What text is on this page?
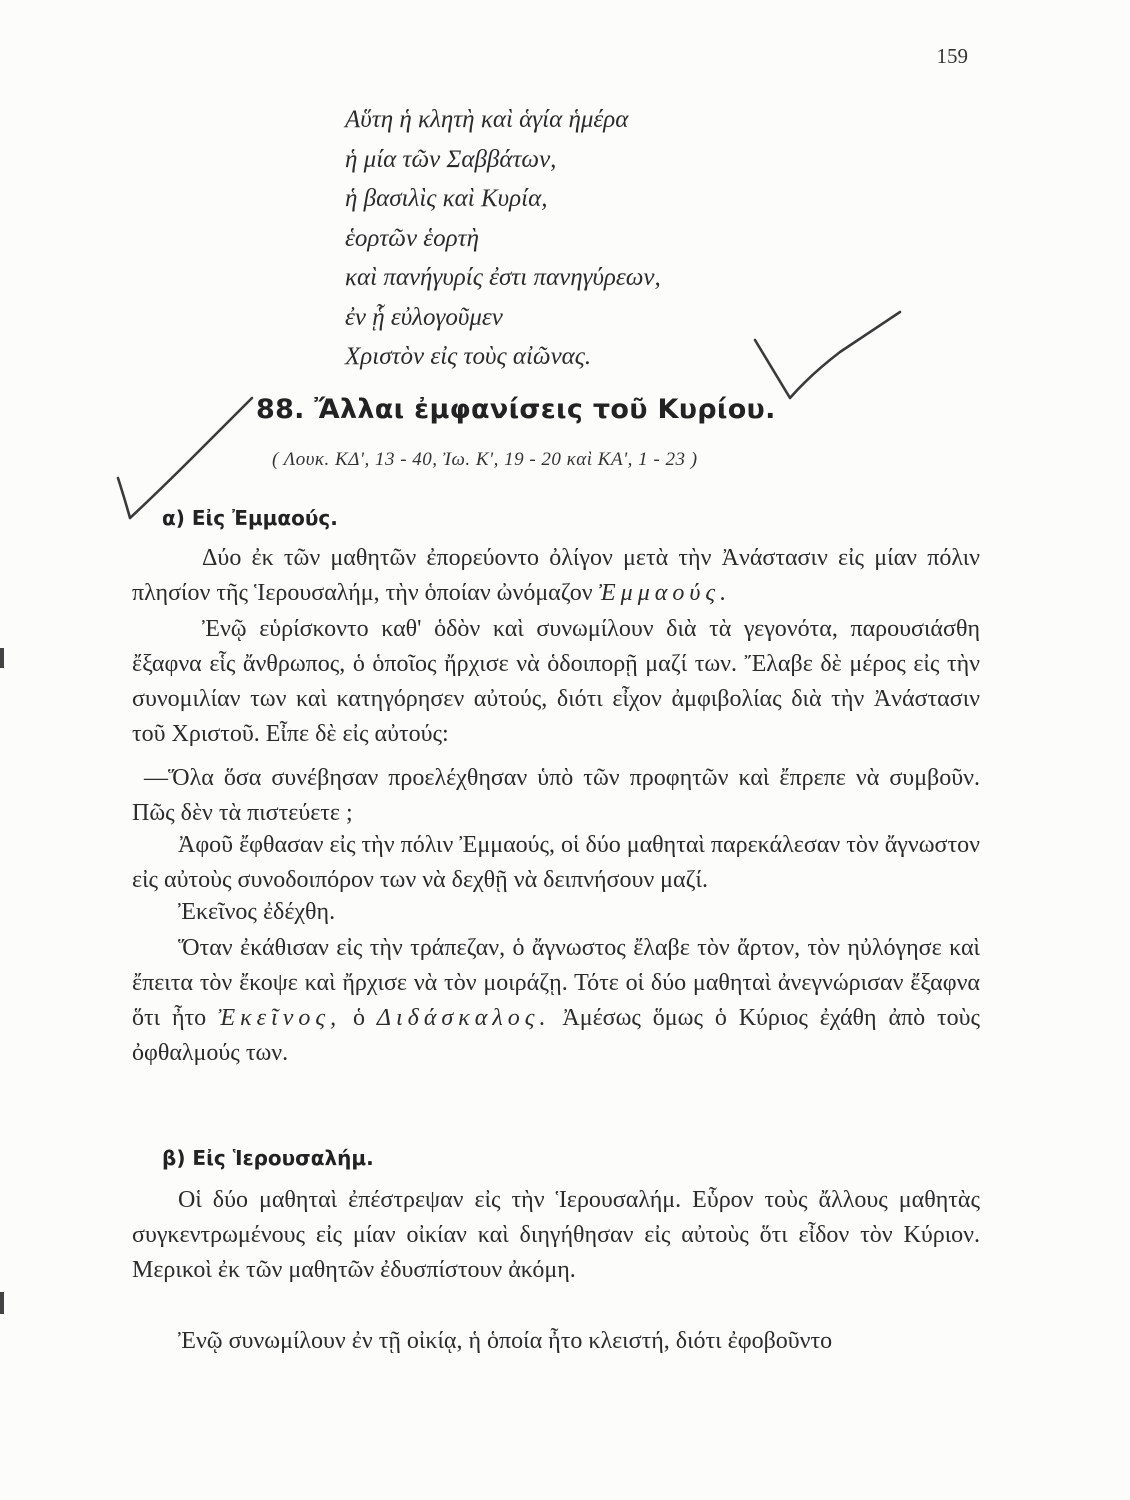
159
Αὕτη ἡ κλητὴ καὶ ἁγία ἡμέρα
ἡ μία τῶν Σαββάτων,
ἡ βασιλὶς καὶ Κυρία,
ἑορτῶν ἑορτὴ
καὶ πανήγυρίς ἐστι πανηγύρεων,
ἐν ᾗ εὐλογοῦμεν
Χριστὸν εἰς τοὺς αἰῶνας.
88. Ἄλλαι ἐμφανίσεις τοῦ Κυρίου.
( Λουκ. ΚΔ', 13 - 40, Ἰω. Κ', 19 - 20 καὶ ΚΑ', 1 - 23 )
α) Εἰς Ἐμμαούς.
Δύο ἐκ τῶν μαθητῶν ἐπορεύοντο ὀλίγον μετὰ τὴν Ἀνάστασιν εἰς μίαν πόλιν πλησίον τῆς Ἱερουσαλήμ, τὴν ὁποίαν ὠνόμαζον Ἐμμαούς.
Ἐνῷ εὑρίσκοντο καθ' ὁδὸν καὶ συνωμίλουν διὰ τὰ γεγονότα, παρουσιάσθη ἔξαφνα εἷς ἄνθρωπος, ὁ ὁποῖος ἤρχισε νὰ ὁδοιπορῇ μαζί των. Ἔλαβε δὲ μέρος εἰς τὴν συνομιλίαν των καὶ κατηγόρησεν αὐτούς, διότι εἶχον ἀμφιβολίας διὰ τὴν Ἀνάστασιν τοῦ Χριστοῦ. Εἶπε δὲ εἰς αὐτούς:
—Ὅλα ὅσα συνέβησαν προελέχθησαν ὑπὸ τῶν προφητῶν καὶ ἔπρεπε νὰ συμβοῦν. Πῶς δὲν τὰ πιστεύετε ;
Ἀφοῦ ἔφθασαν εἰς τὴν πόλιν Ἐμμαούς, οἱ δύο μαθηταὶ παρεκάλεσαν τὸν ἄγνωστον εἰς αὐτοὺς συνοδοιπόρον των νὰ δεχθῇ νὰ δειπνήσουν μαζί.
Ἐκεῖνος ἐδέχθη.
Ὅταν ἐκάθισαν εἰς τὴν τράπεζαν, ὁ ἄγνωστος ἔλαβε τὸν ἄρτον, τὸν ηὐλόγησε καὶ ἔπειτα τὸν ἔκοψε καὶ ἤρχισε νὰ τὸν μοιράζῃ. Τότε οἱ δύο μαθηταὶ ἀνεγνώρισαν ἔξαφνα ὅτι ἦτο Ἐκεῖνος, ὁ Διδάσκαλος. Ἀμέσως ὅμως ὁ Κύριος ἐχάθη ἀπὸ τοὺς ὀφθαλμούς των.
β) Εἰς Ἱερουσαλήμ.
Οἱ δύο μαθηταὶ ἐπέστρεψαν εἰς τὴν Ἱερουσαλήμ. Εὗρον τοὺς ἄλλους μαθητὰς συγκεντρωμένους εἰς μίαν οἰκίαν καὶ διηγήθησαν εἰς αὐτοὺς ὅτι εἶδον τὸν Κύριον. Μερικοὶ ἐκ τῶν μαθητῶν ἐδυσπίστουν ἀκόμη.
Ἐνῷ συνωμίλουν ἐν τῇ οἰκίᾳ, ἡ ὁποία ἦτο κλειστή, διότι ἐφοβοῦντο
